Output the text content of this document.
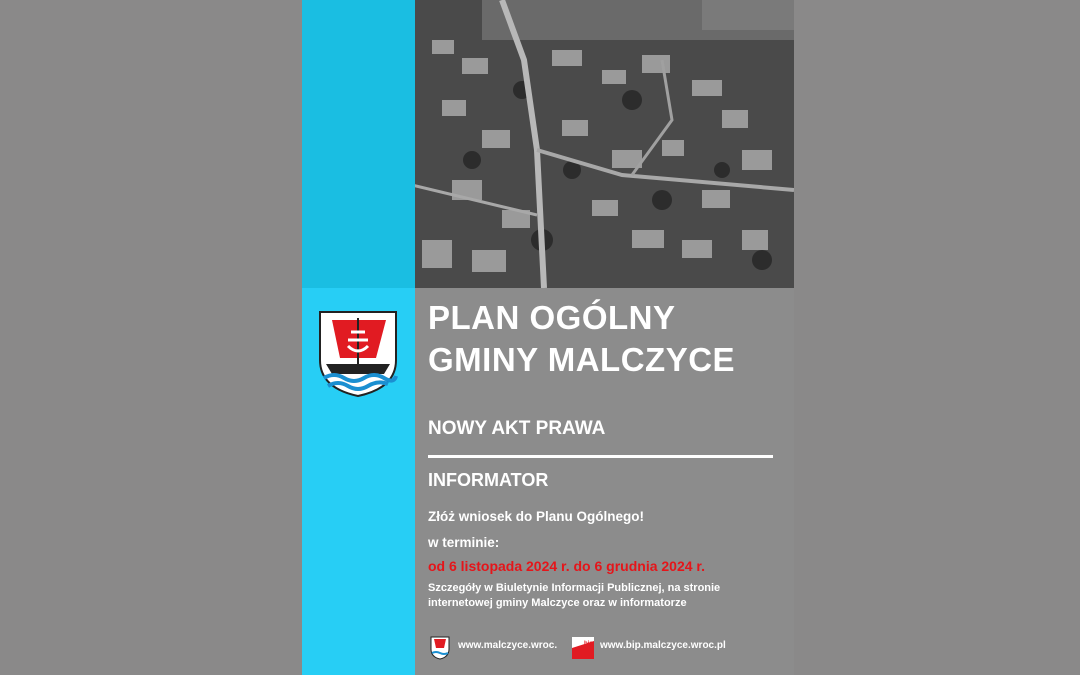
PLAN OGÓLNY
GMINY MALCZYCE
NOWY AKT PRAWA
INFORMATOR

Złóż wniosek do Planu Ogólnego!

w terminie:

od 6 listopada 2024 r. do 6 grudnia 2024 r.

Szczegóły w Biuletynie Informacji Publicznej, na stronie
internetowej gminy Malczyce oraz w informatorze

www.malczyce.wroc.	bip www.bip.malczyce.wroc.pl
